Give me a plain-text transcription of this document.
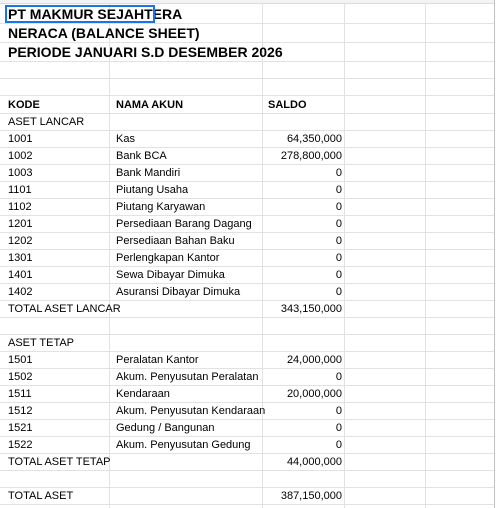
PT MAKMUR SEJAHTERA
NERACA (BALANCE SHEET)
PERIODE JANUARI S.D DESEMBER 2026
KODE	NAMA AKUN	SALDO
ASET LANCAR
1001	Kas	64,350,000
1002	Bank BCA	278,800,000
1003	Bank Mandiri	0
1101	Piutang Usaha	0
1102	Piutang Karyawan	0
1201	Persediaan Barang Dagang	0
1202	Persediaan Bahan Baku	0
1301	Perlengkapan Kantor	0
1401	Sewa Dibayar Dimuka	0
1402	Asuransi Dibayar Dimuka	0
TOTAL ASET LANCAR	343,150,000
ASET TETAP
1501	Peralatan Kantor	24,000,000
1502	Akum. Penyusutan Peralatan	0
1511	Kendaraan	20,000,000
1512	Akum. Penyusutan Kendaraan	0
1521	Gedung / Bangunan	0
1522	Akum. Penyusutan Gedung	0
TOTAL ASET TETAP	44,000,000
TOTAL ASET	387,150,000
